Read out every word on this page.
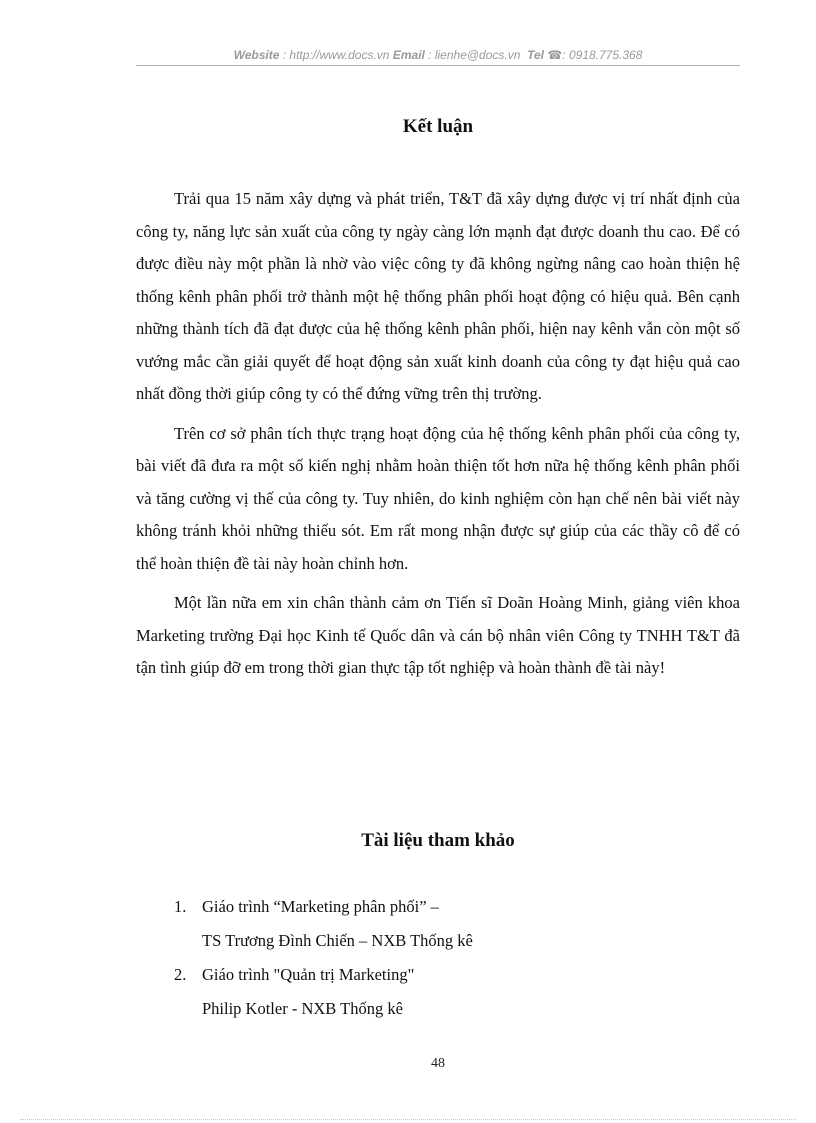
Website : http://www.docs.vn Email : lienhe@docs.vn Tel ☎: 0918.775.368
Kết luận

Trải qua 15 năm xây dựng và phát triển, T&T đã xây dựng được vị trí nhất định của công ty, năng lực sản xuất của công ty ngày càng lớn mạnh đạt được doanh thu cao. Để có được điều này một phần là nhờ vào việc công ty đã không ngừng nâng cao hoàn thiện hệ thống kênh phân phối trở thành một hệ thống phân phối hoạt động có hiệu quả. Bên cạnh những thành tích đã đạt được của hệ thống kênh phân phối, hiện nay kênh vẫn còn một số vướng mắc cần giải quyết để hoạt động sản xuất kinh doanh của công ty đạt hiệu quả cao nhất đồng thời giúp công ty có thể đứng vững trên thị trường.

Trên cơ sở phân tích thực trạng hoạt động của hệ thống kênh phân phối của công ty, bài viết đã đưa ra một số kiến nghị nhằm hoàn thiện tốt hơn nữa hệ thống kênh phân phối và tăng cường vị thế của công ty. Tuy nhiên, do kinh nghiệm còn hạn chế nên bài viết này không tránh khỏi những thiếu sót. Em rất mong nhận được sự giúp của các thầy cô để có thể hoàn thiện đề tài này hoàn chỉnh hơn.

Một lần nữa em xin chân thành cảm ơn Tiến sĩ Doãn Hoàng Minh, giảng viên khoa Marketing trường Đại học Kinh tế Quốc dân và cán bộ nhân viên Công ty TNHH T&T đã tận tình giúp đỡ em trong thời gian thực tập tốt nghiệp và hoàn thành đề tài này!

Tài liệu tham khảo
1. Giáo trình “Marketing phân phối” –
TS Trương Đình Chiến – NXB Thống kê
2. Giáo trình "Quản trị Marketing"
Philip Kotler - NXB Thống kê
48
